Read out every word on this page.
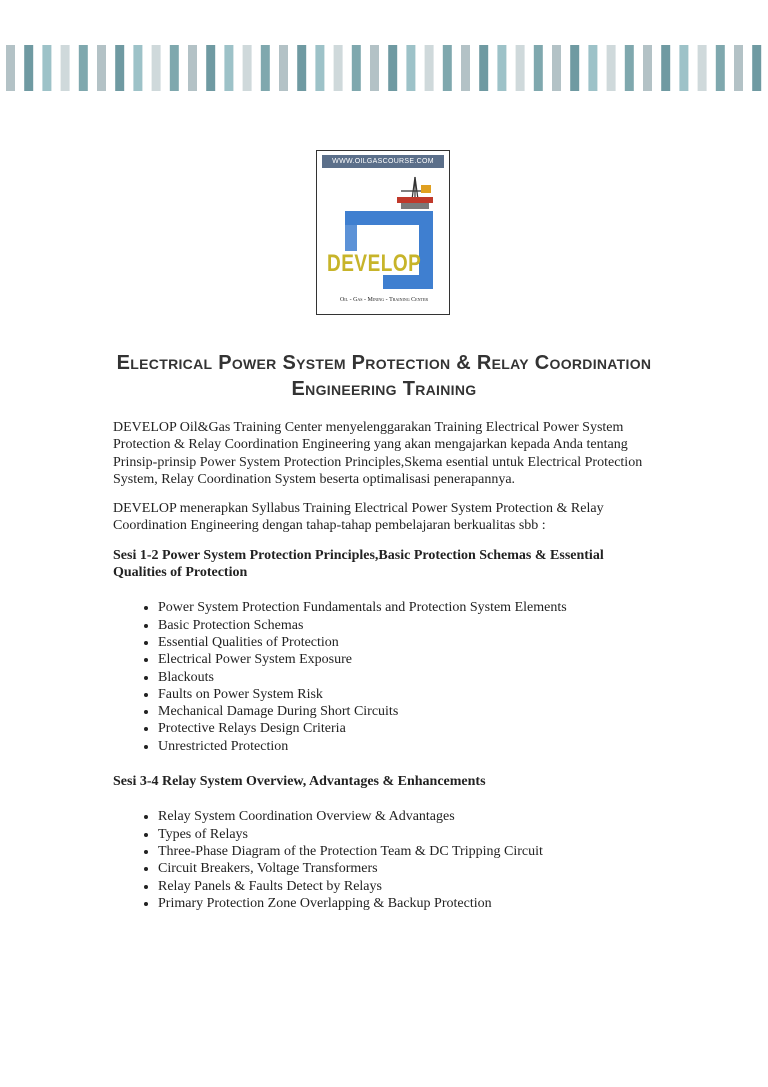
WWW.OILGASCOURSE.COM
DEVELOP
Oil - Gas - Mining - Training Center
Electrical Power System Protection & Relay Coordination Engineering Training

DEVELOP Oil&Gas Training Center menyelenggarakan Training Electrical Power System Protection & Relay Coordination Engineering yang akan mengajarkan kepada Anda tentang Prinsip-prinsip Power System Protection Principles,Skema esential untuk Electrical Protection System, Relay Coordination System beserta optimalisasi penerapannya.

DEVELOP menerapkan Syllabus Training Electrical Power System Protection & Relay Coordination Engineering dengan tahap-tahap pembelajaran berkualitas sbb :

Sesi 1-2 Power System Protection Principles,Basic Protection Schemas & Essential Qualities of Protection
• Power System Protection Fundamentals and Protection System Elements
• Basic Protection Schemas
• Essential Qualities of Protection
• Electrical Power System Exposure
• Blackouts
• Faults on Power System Risk
• Mechanical Damage During Short Circuits
• Protective Relays Design Criteria
• Unrestricted Protection
Sesi 3-4 Relay System Overview, Advantages & Enhancements
• Relay System Coordination Overview & Advantages
• Types of Relays
• Three-Phase Diagram of the Protection Team & DC Tripping Circuit
• Circuit Breakers, Voltage Transformers
• Relay Panels & Faults Detect by Relays
• Primary Protection Zone Overlapping & Backup Protection
